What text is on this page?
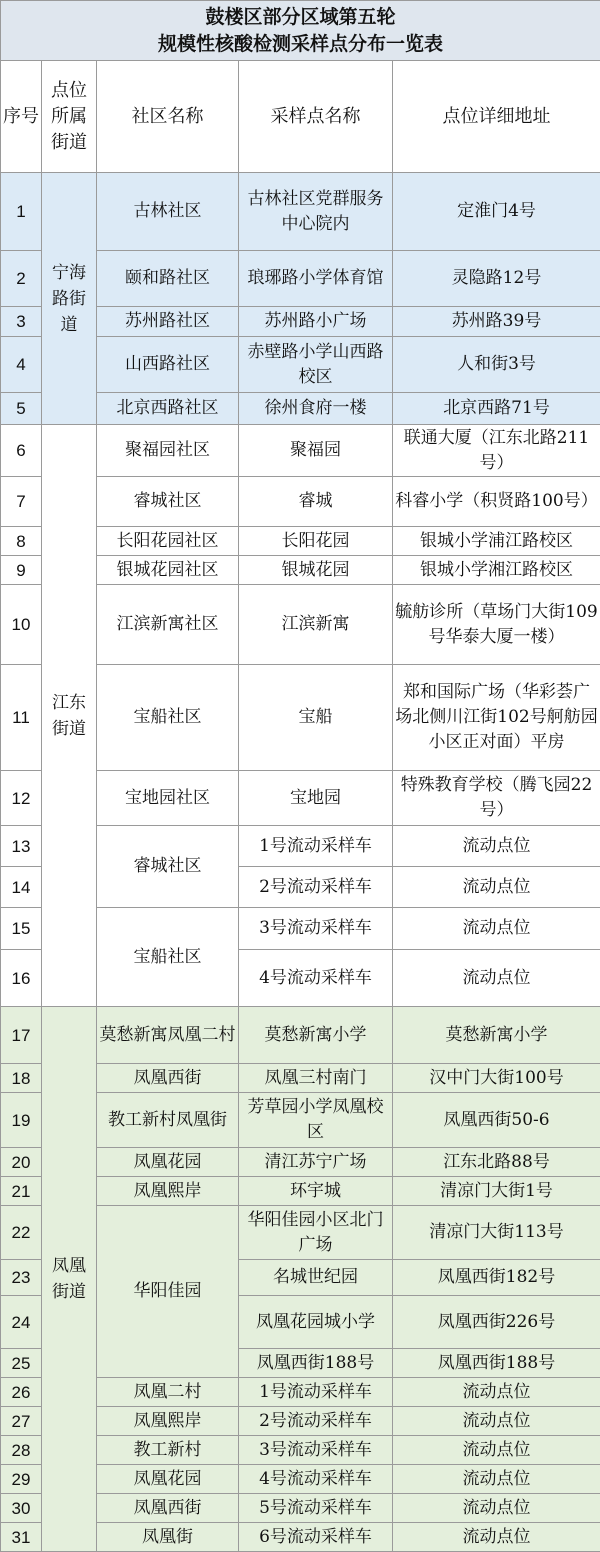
鼓楼区部分区域第五轮
规模性核酸检测采样点分布一览表				

序号	点位所属街道	社区名称	采样点名称	点位详细地址
1	宁海路街道	古林社区	古林社区党群服务中心院内	定淮门4号
2		颐和路社区	琅琊路小学体育馆	灵隐路12号
3		苏州路社区	苏州路小广场	苏州路39号
4		山西路社区	赤壁路小学山西路校区	人和街3号
5		北京西路社区	徐州食府一楼	北京西路71号
6	江东街道	聚福园社区	聚福园	联通大厦（江东北路211号）
7		睿城社区	睿城	科睿小学（积贤路100号）
8		长阳花园社区	长阳花园	银城小学浦江路校区
9		银城花园社区	银城花园	银城小学湘江路校区
10		江滨新寓社区	江滨新寓	毓舫诊所（草场门大街109号华泰大厦一楼）
11		宝船社区	宝船	郑和国际广场（华彩荟广场北侧川江街102号舸舫园小区正对面）平房
12		宝地园社区	宝地园	特殊教育学校（腾飞园22号）
13		睿城社区	1号流动采样车	流动点位
14			2号流动采样车	流动点位
15		宝船社区	3号流动采样车	流动点位
16			4号流动采样车	流动点位
17	凤凰街道	莫愁新寓凤凰二村	莫愁新寓小学	莫愁新寓小学
18		凤凰西街	凤凰三村南门	汉中门大街100号
19		教工新村凤凰街	芳草园小学凤凰校区	凤凰西街50-6
20		凤凰花园	清江苏宁广场	江东北路88号
21		凤凰熙岸	环宇城	清凉门大街1号
22		华阳佳园	华阳佳园小区北门广场	清凉门大街113号
23			名城世纪园	凤凰西街182号
24			凤凰花园城小学	凤凰西街226号
25			凤凰西街188号	凤凰西街188号
26		凤凰二村	1号流动采样车	流动点位
27		凤凰熙岸	2号流动采样车	流动点位
28		教工新村	3号流动采样车	流动点位
29		凤凰花园	4号流动采样车	流动点位
30		凤凰西街	5号流动采样车	流动点位
31		凤凰街	6号流动采样车	流动点位
